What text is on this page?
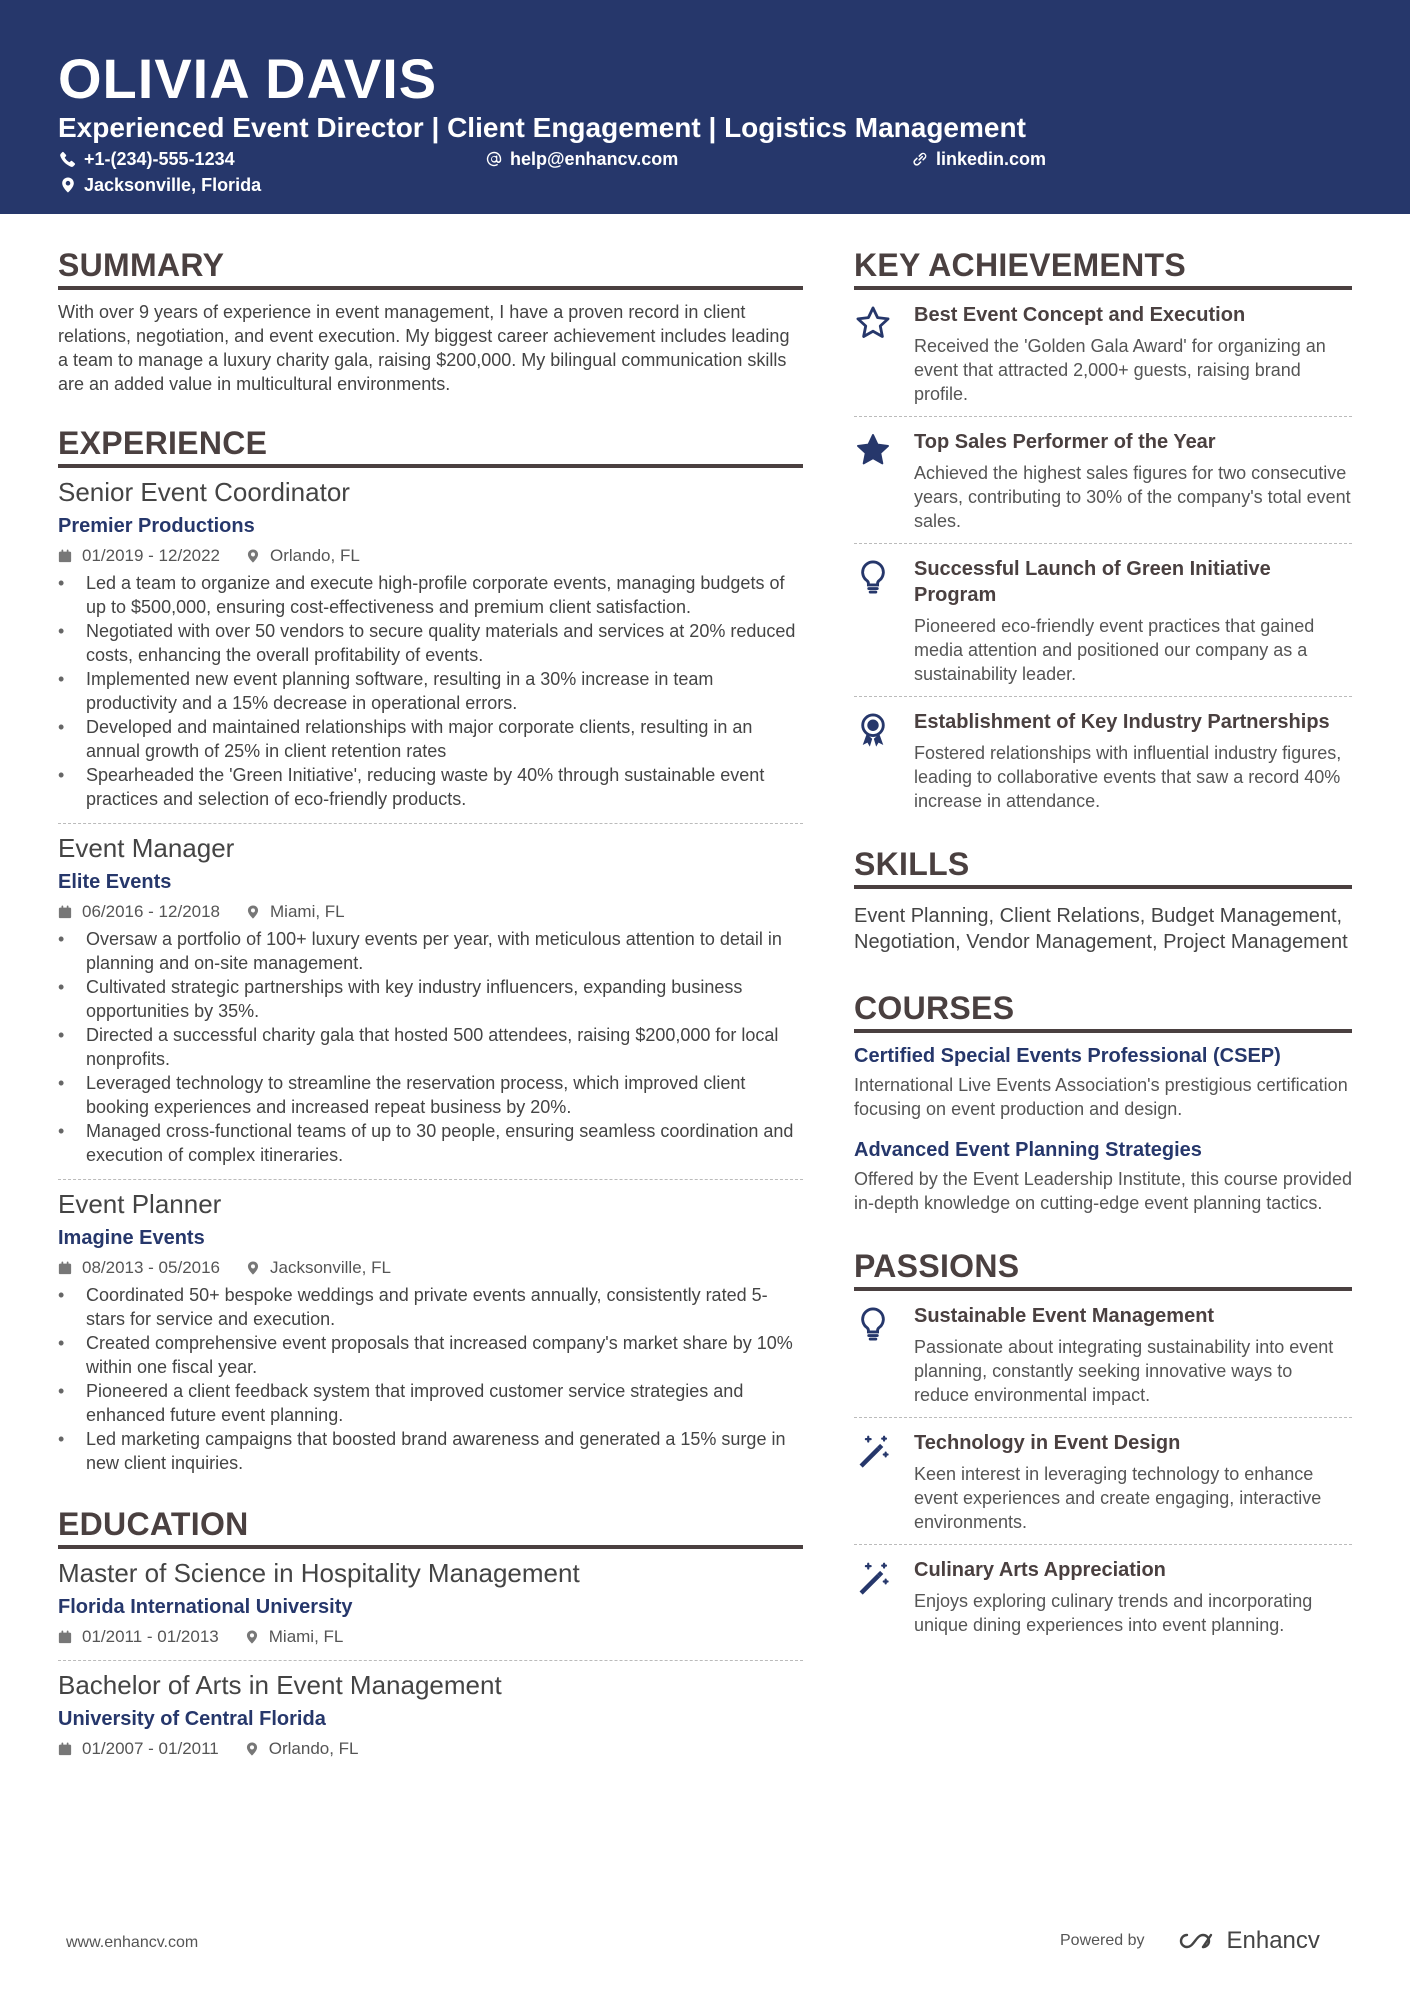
OLIVIA DAVIS
Experienced Event Director | Client Engagement | Logistics Management
+1-(234)-555-1234	help@enhancv.com	linkedin.com
Jacksonville, Florida
SUMMARY
With over 9 years of experience in event management, I have a proven record in client relations, negotiation, and event execution. My biggest career achievement includes leading a team to manage a luxury charity gala, raising $200,000. My bilingual communication skills are an added value in multicultural environments.
EXPERIENCE
Senior Event Coordinator
Premier Productions
01/2019 - 12/2022	Orlando, FL
• Led a team to organize and execute high-profile corporate events, managing budgets of up to $500,000, ensuring cost-effectiveness and premium client satisfaction.
• Negotiated with over 50 vendors to secure quality materials and services at 20% reduced costs, enhancing the overall profitability of events.
• Implemented new event planning software, resulting in a 30% increase in team productivity and a 15% decrease in operational errors.
• Developed and maintained relationships with major corporate clients, resulting in an annual growth of 25% in client retention rates
• Spearheaded the 'Green Initiative', reducing waste by 40% through sustainable event practices and selection of eco-friendly products.
Event Manager
Elite Events
06/2016 - 12/2018	Miami, FL
• Oversaw a portfolio of 100+ luxury events per year, with meticulous attention to detail in planning and on-site management.
• Cultivated strategic partnerships with key industry influencers, expanding business opportunities by 35%.
• Directed a successful charity gala that hosted 500 attendees, raising $200,000 for local nonprofits.
• Leveraged technology to streamline the reservation process, which improved client booking experiences and increased repeat business by 20%.
• Managed cross-functional teams of up to 30 people, ensuring seamless coordination and execution of complex itineraries.
Event Planner
Imagine Events
08/2013 - 05/2016	Jacksonville, FL
• Coordinated 50+ bespoke weddings and private events annually, consistently rated 5-stars for service and execution.
• Created comprehensive event proposals that increased company's market share by 10% within one fiscal year.
• Pioneered a client feedback system that improved customer service strategies and enhanced future event planning.
• Led marketing campaigns that boosted brand awareness and generated a 15% surge in new client inquiries.
EDUCATION
Master of Science in Hospitality Management
Florida International University
01/2011 - 01/2013	Miami, FL
Bachelor of Arts in Event Management
University of Central Florida
01/2007 - 01/2011	Orlando, FL
KEY ACHIEVEMENTS
Best Event Concept and Execution
Received the 'Golden Gala Award' for organizing an event that attracted 2,000+ guests, raising brand profile.
Top Sales Performer of the Year
Achieved the highest sales figures for two consecutive years, contributing to 30% of the company's total event sales.
Successful Launch of Green Initiative Program
Pioneered eco-friendly event practices that gained media attention and positioned our company as a sustainability leader.
Establishment of Key Industry Partnerships
Fostered relationships with influential industry figures, leading to collaborative events that saw a record 40% increase in attendance.
SKILLS
Event Planning, Client Relations, Budget Management, Negotiation, Vendor Management, Project Management
COURSES
Certified Special Events Professional (CSEP)
International Live Events Association's prestigious certification focusing on event production and design.
Advanced Event Planning Strategies
Offered by the Event Leadership Institute, this course provided in-depth knowledge on cutting-edge event planning tactics.
PASSIONS
Sustainable Event Management
Passionate about integrating sustainability into event planning, constantly seeking innovative ways to reduce environmental impact.
Technology in Event Design
Keen interest in leveraging technology to enhance event experiences and create engaging, interactive environments.
Culinary Arts Appreciation
Enjoys exploring culinary trends and incorporating unique dining experiences into event planning.
www.enhancv.com	Powered by	Enhancv
